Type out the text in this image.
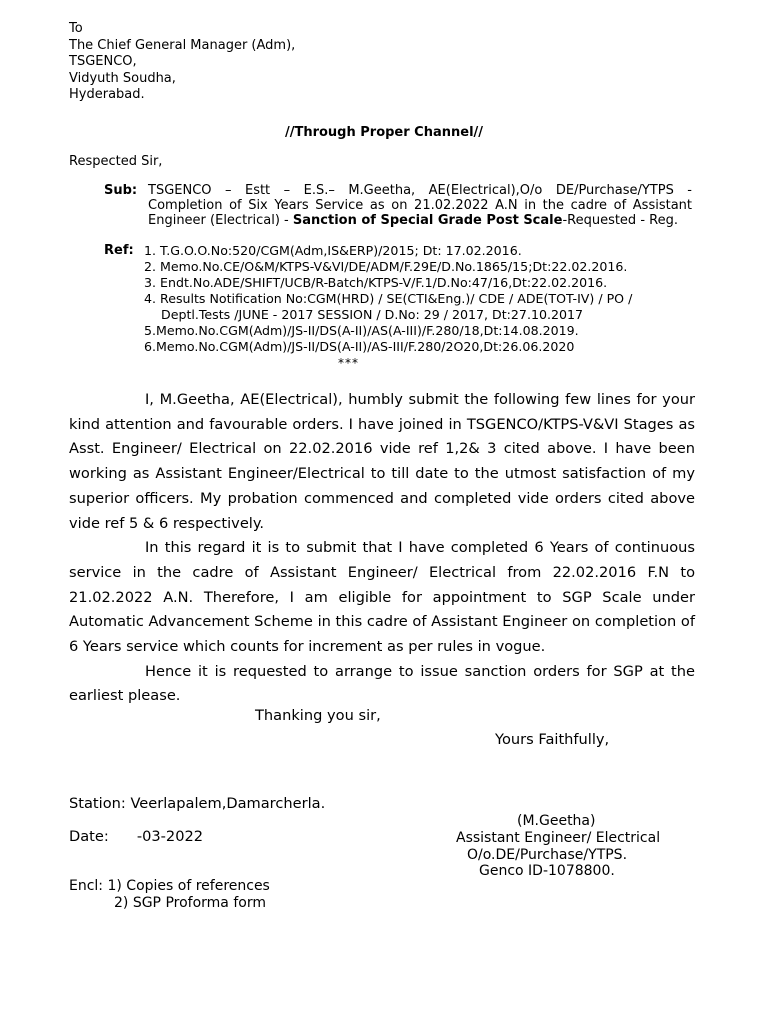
To
The Chief General Manager (Adm),
TSGENCO,
Vidyuth Soudha,
Hyderabad.
//Through Proper Channel//
Respected Sir,
Sub: TSGENCO – Estt – E.S.– M.Geetha, AE(Electrical),O/o DE/Purchase/YTPS - Completion of Six Years Service as on 21.02.2022 A.N in the cadre of Assistant Engineer (Electrical) - Sanction of Special Grade Post Scale-Requested - Reg.
Ref: 1. T.G.O.O.No:520/CGM(Adm,IS&ERP)/2015; Dt: 17.02.2016.
2. Memo.No.CE/O&M/KTPS-V&VI/DE/ADM/F.29E/D.No.1865/15;Dt:22.02.2016.
3. Endt.No.ADE/SHIFT/UCB/R-Batch/KTPS-V/F.1/D.No:47/16,Dt:22.02.2016.
4. Results Notification No:CGM(HRD) / SE(CTI&Eng.)/ CDE / ADE(TOT-IV) / PO /
Deptl.Tests /JUNE - 2017 SESSION / D.No: 29 / 2017, Dt:27.10.2017
5.Memo.No.CGM(Adm)/JS-II/DS(A-II)/AS(A-III)/F.280/18,Dt:14.08.2019.
6.Memo.No.CGM(Adm)/JS-II/DS(A-II)/AS-III/F.280/2O20,Dt:26.06.2020
***

I, M.Geetha, AE(Electrical), humbly submit the following few lines for your kind attention and favourable orders. I have joined in TSGENCO/KTPS-V&VI Stages as Asst. Engineer/ Electrical on 22.02.2016 vide ref 1,2& 3 cited above. I have been working as Assistant Engineer/Electrical to till date to the utmost satisfaction of my superior officers. My probation commenced and completed vide orders cited above vide ref 5 & 6 respectively.

In this regard it is to submit that I have completed 6 Years of continuous service in the cadre of Assistant Engineer/ Electrical from 22.02.2016 F.N to 21.02.2022 A.N. Therefore, I am eligible for appointment to SGP Scale under Automatic Advancement Scheme in this cadre of Assistant Engineer on completion of 6 Years service which counts for increment as per rules in vogue.

Hence it is requested to arrange to issue sanction orders for SGP at the earliest please.

Thanking you sir,
Yours Faithfully,
Station: Veerlapalem,Damarcherla.
Date: -03-2022
(M.Geetha)
Assistant Engineer/ Electrical
O/o.DE/Purchase/YTPS.
Genco ID-1078800.
Encl: 1) Copies of references
2) SGP Proforma form
